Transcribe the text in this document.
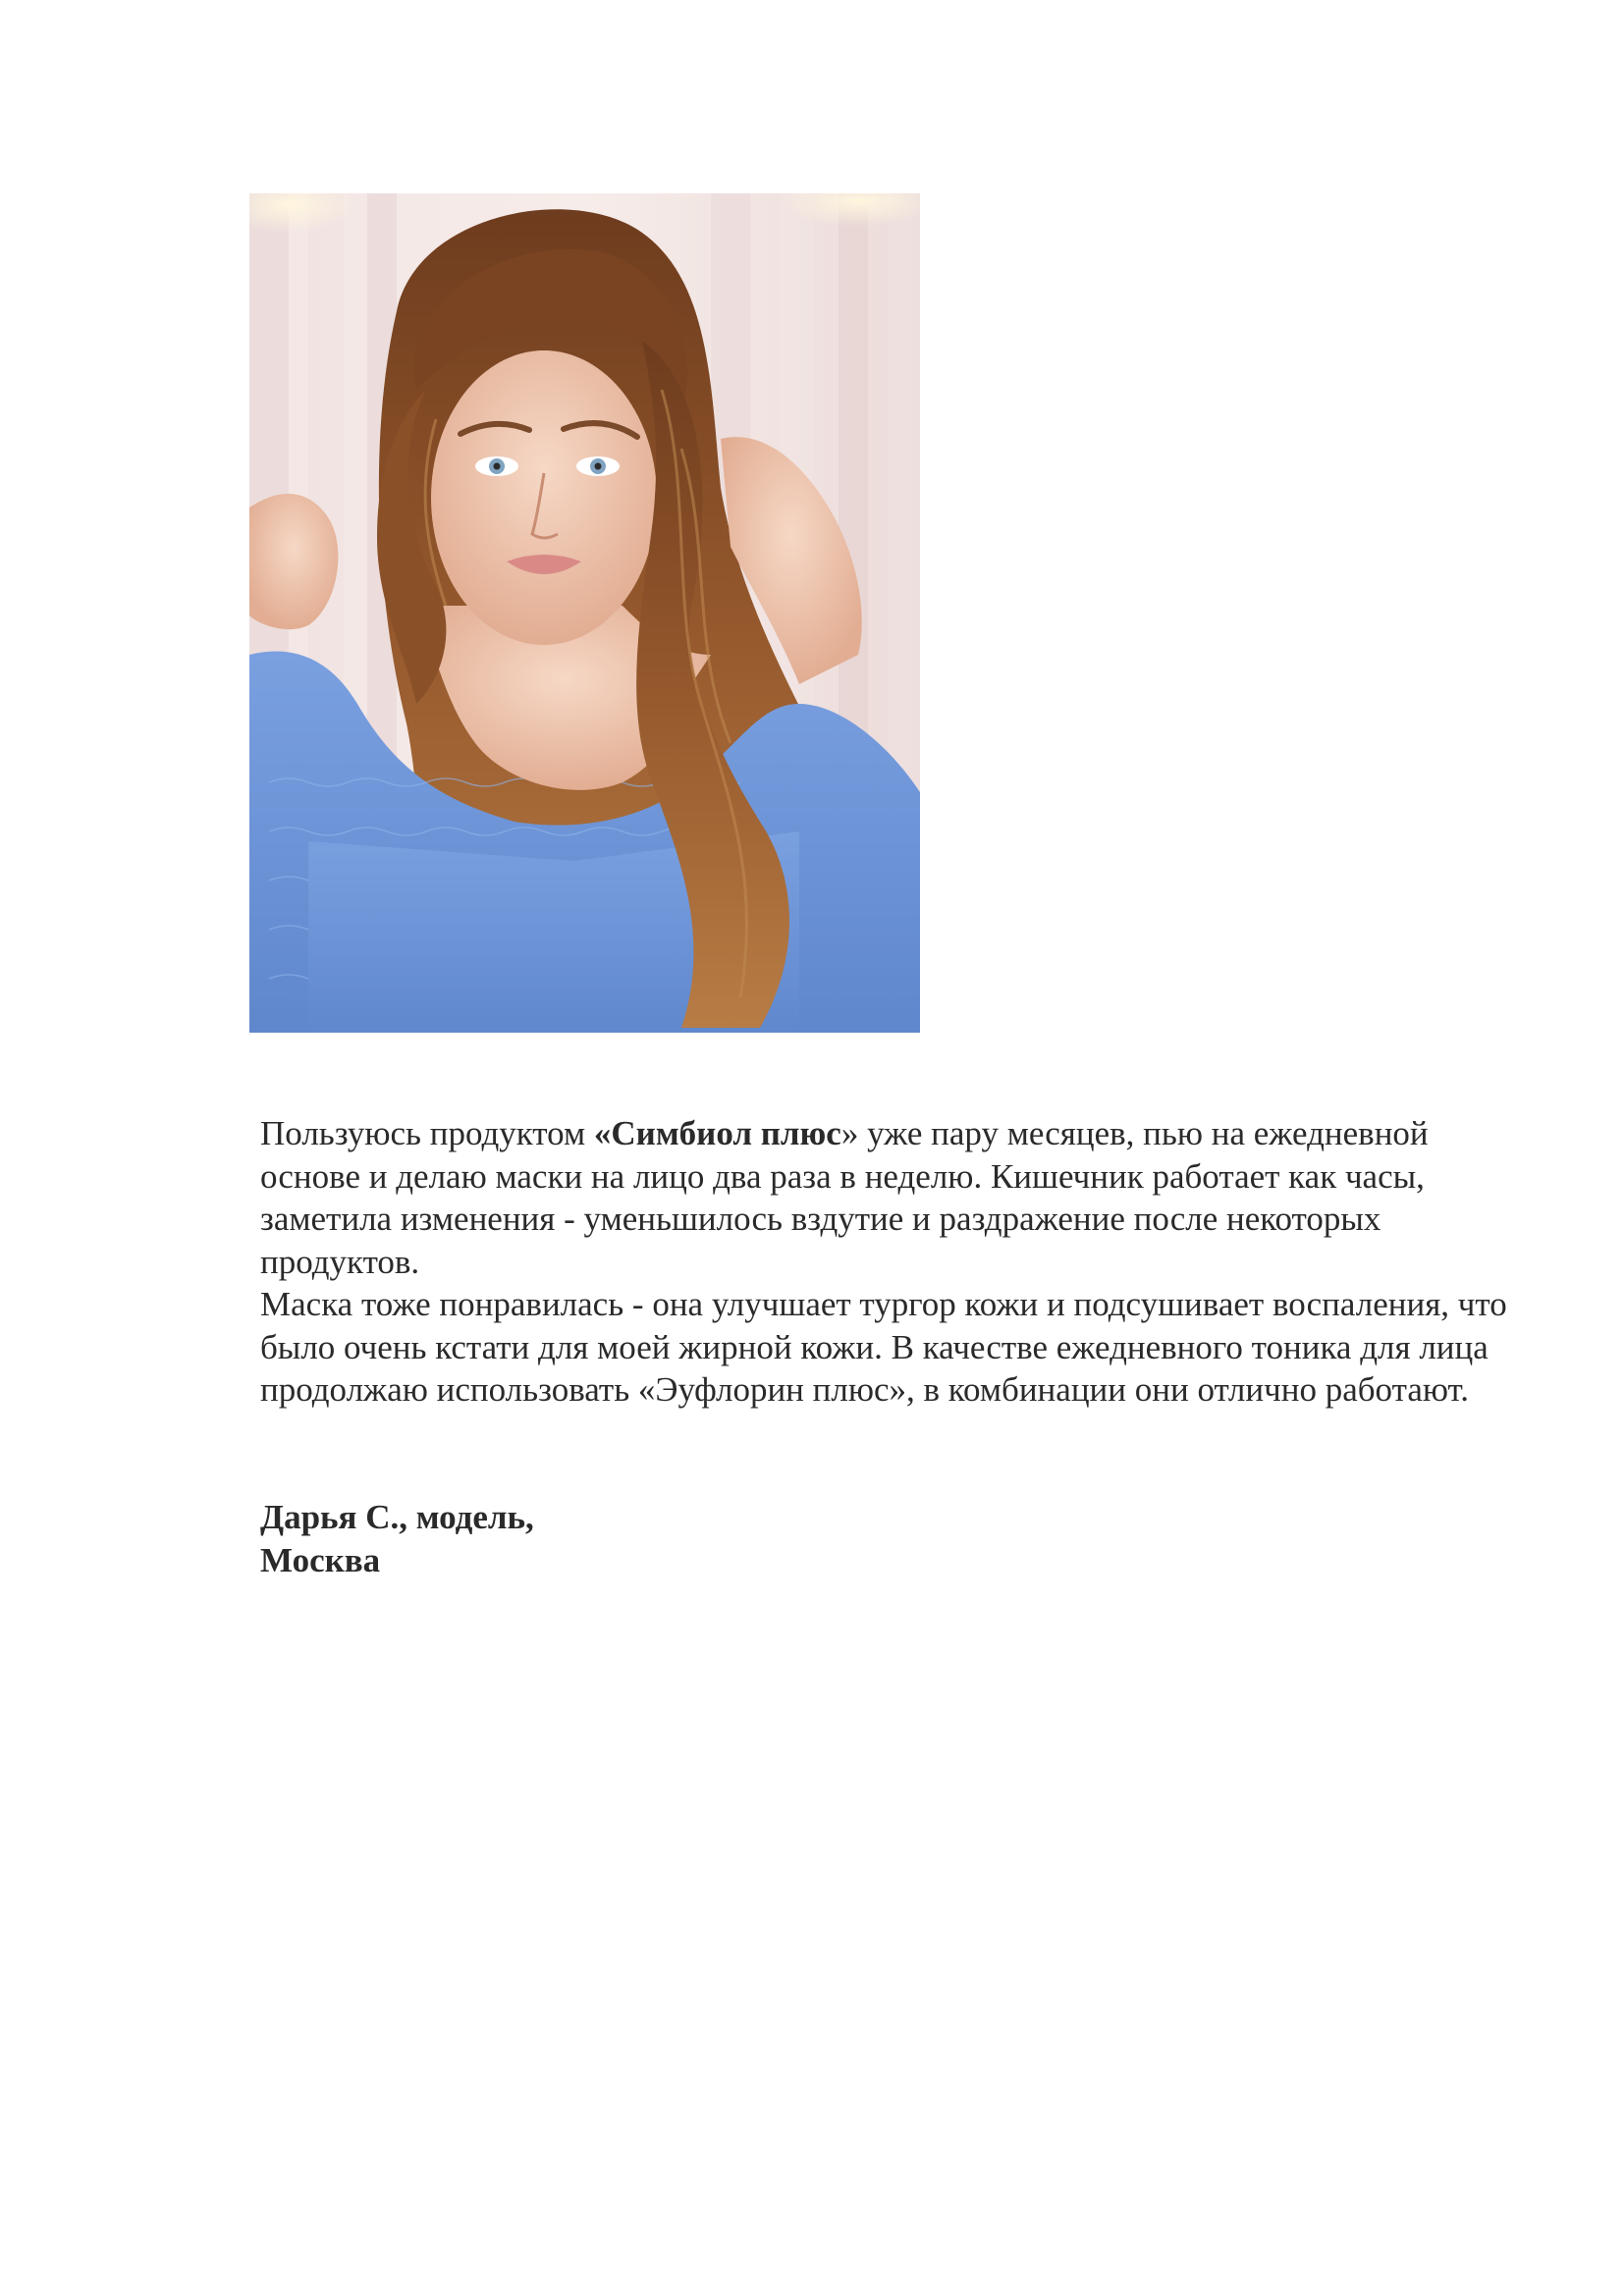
Пользуюсь продуктом «Симбиол плюс» уже пару месяцев, пью на ежедневной основе и делаю маски на лицо два раза в неделю. Кишечник работает как часы, заметила изменения - уменьшилось вздутие и раздражение после некоторых продуктов.

Маска тоже понравилась - она улучшает тургор кожи и подсушивает воспаления, что было очень кстати для моей жирной кожи. В качестве ежедневного тоника для лица продолжаю использовать «Эуфлорин плюс», в комбинации они отлично работают.

Дарья С., модель,
Москва
